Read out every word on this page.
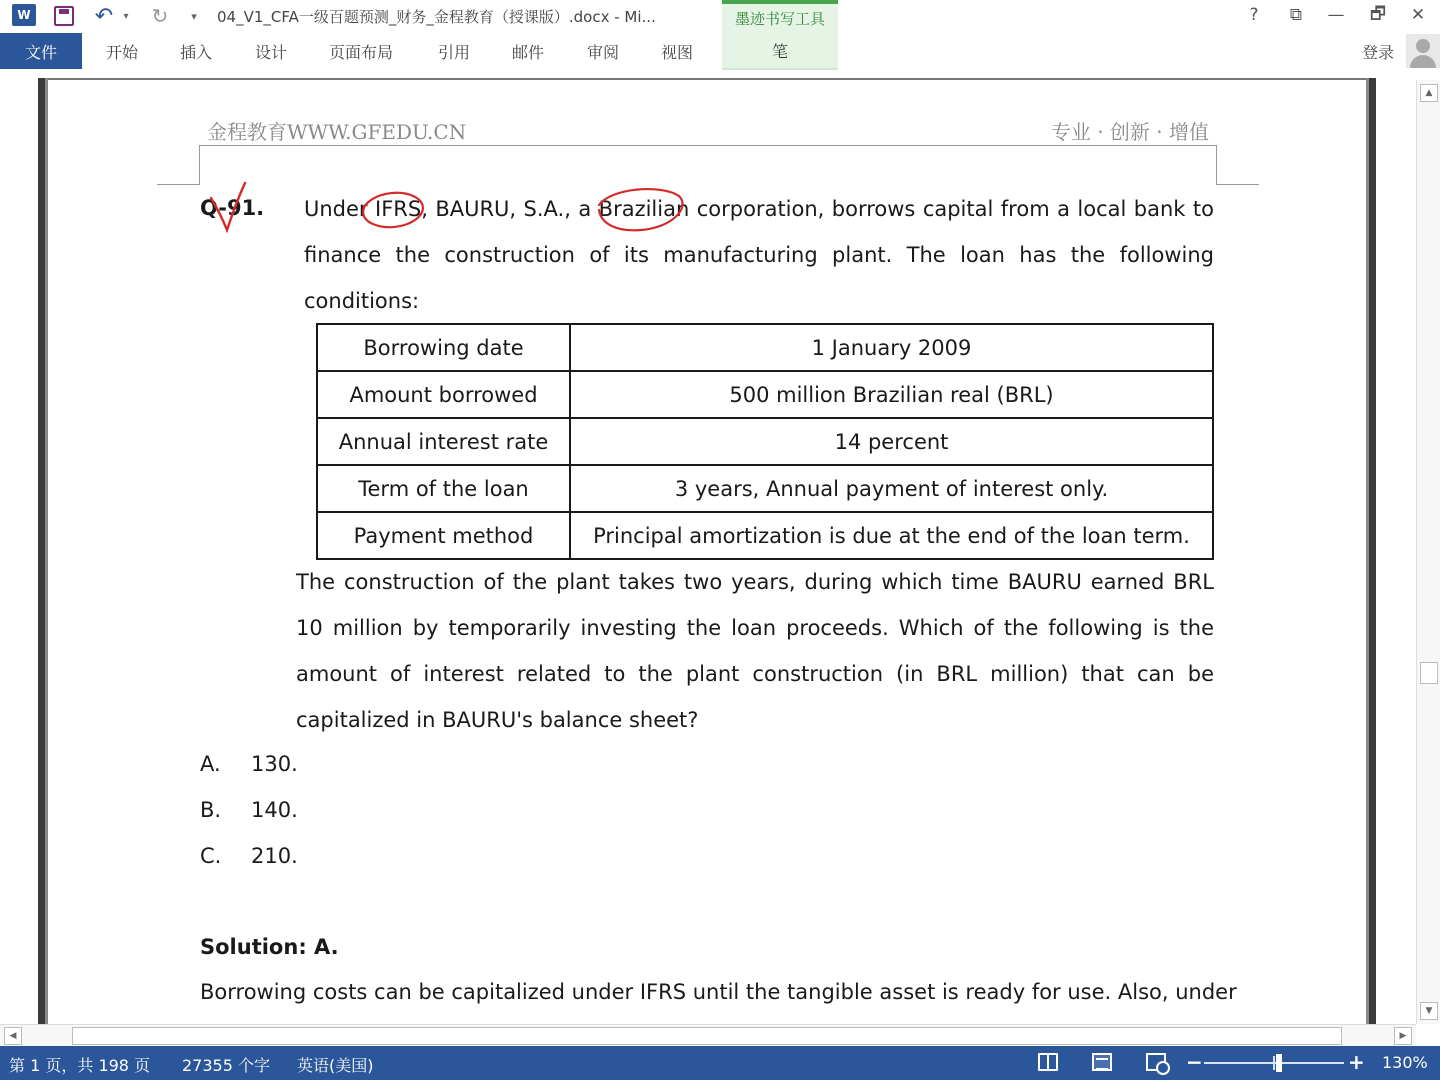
W	↶	▾ ↻	▾	04_V1_CFA一级百题预测_财务_金程教育（授课版）.docx - Mi...	墨迹书写工具	?	⧉	—	🗗	✕
文件	开始	插入	设计	页面布局	引用	邮件	审阅	视图	笔	登录
金程教育WWW.GFEDU.CN	专业 · 创新 · 增值
Q-91. Under IFRS, BAURU, S.A., a Brazilian corporation, borrows capital from a local bank to finance the construction of its manufacturing plant. The loan has the following conditions:
Borrowing date	1 January 2009
Amount borrowed	500 million Brazilian real (BRL)
Annual interest rate	14 percent
Term of the loan	3 years, Annual payment of interest only.
Payment method	Principal amortization is due at the end of the loan term.
The construction of the plant takes two years, during which time BAURU earned BRL 10 million by temporarily investing the loan proceeds. Which of the following is the amount of interest related to the plant construction (in BRL million) that can be capitalized in BAURU's balance sheet?
A. 130.
B. 140.
C. 210.
Solution: A.
Borrowing costs can be capitalized under IFRS until the tangible asset is ready for use. Also, under
▲
▼
◀	▶
第 1 页，共 198 页 27355 个字 英语(美国)	−	+ 130%
